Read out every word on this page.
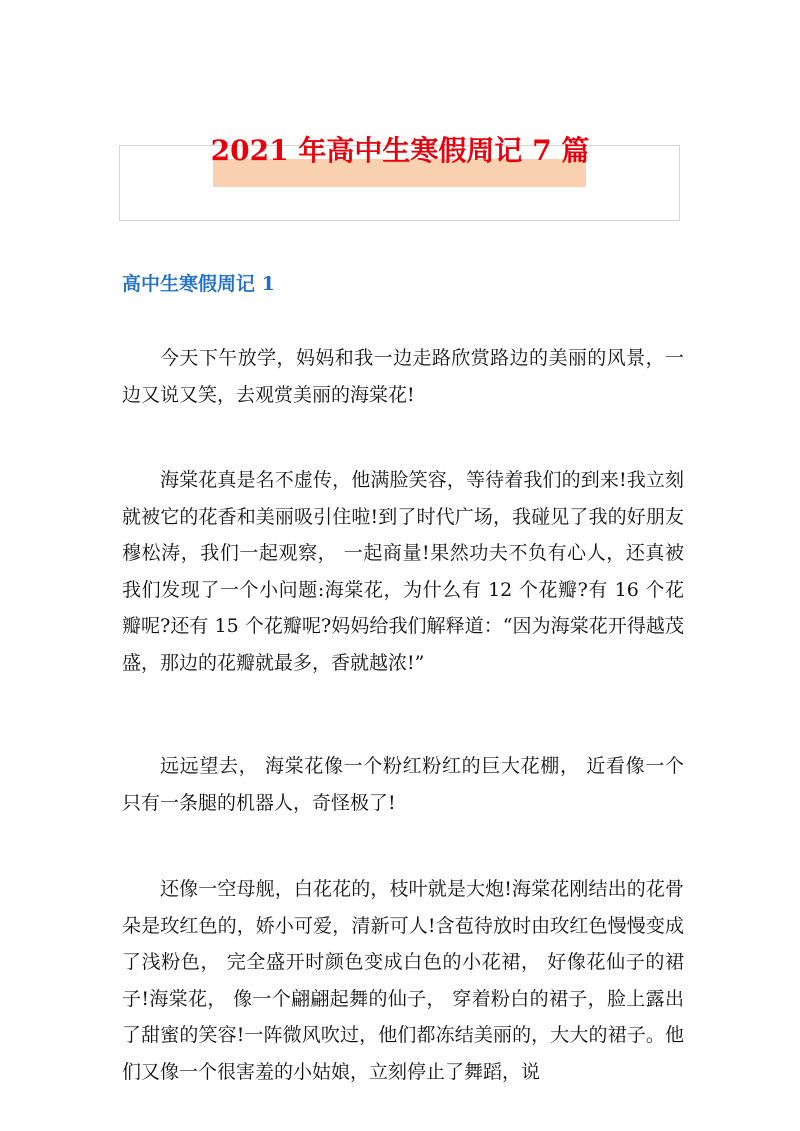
2021 年高中生寒假周记 7 篇
高中生寒假周记 1

今天下午放学，妈妈和我一边走路欣赏路边的美丽的风景，一边又说又笑，去观赏美丽的海棠花!

海棠花真是名不虚传，他满脸笑容，等待着我们的到来!我立刻就被它的花香和美丽吸引住啦!到了时代广场，我碰见了我的好朋友穆松涛，我们一起观察， 一起商量!果然功夫不负有心人，还真被我们发现了一个小问题:海棠花，为什么有 12 个花瓣?有 16 个花瓣呢?还有 15 个花瓣呢?妈妈给我们解释道：“因为海棠花开得越茂盛，那边的花瓣就最多，香就越浓!”

远远望去， 海棠花像一个粉红粉红的巨大花棚， 近看像一个只有一条腿的机器人，奇怪极了!

还像一空母舰，白花花的，枝叶就是大炮!海棠花刚结出的花骨朵是玫红色的，娇小可爱，清新可人!含苞待放时由玫红色慢慢变成了浅粉色， 完全盛开时颜色变成白色的小花裙， 好像花仙子的裙子!海棠花， 像一个翩翩起舞的仙子， 穿着粉白的裙子，脸上露出了甜蜜的笑容!一阵微风吹过，他们都冻结美丽的，大大的裙子。他们又像一个很害羞的小姑娘，立刻停止了舞蹈，说
